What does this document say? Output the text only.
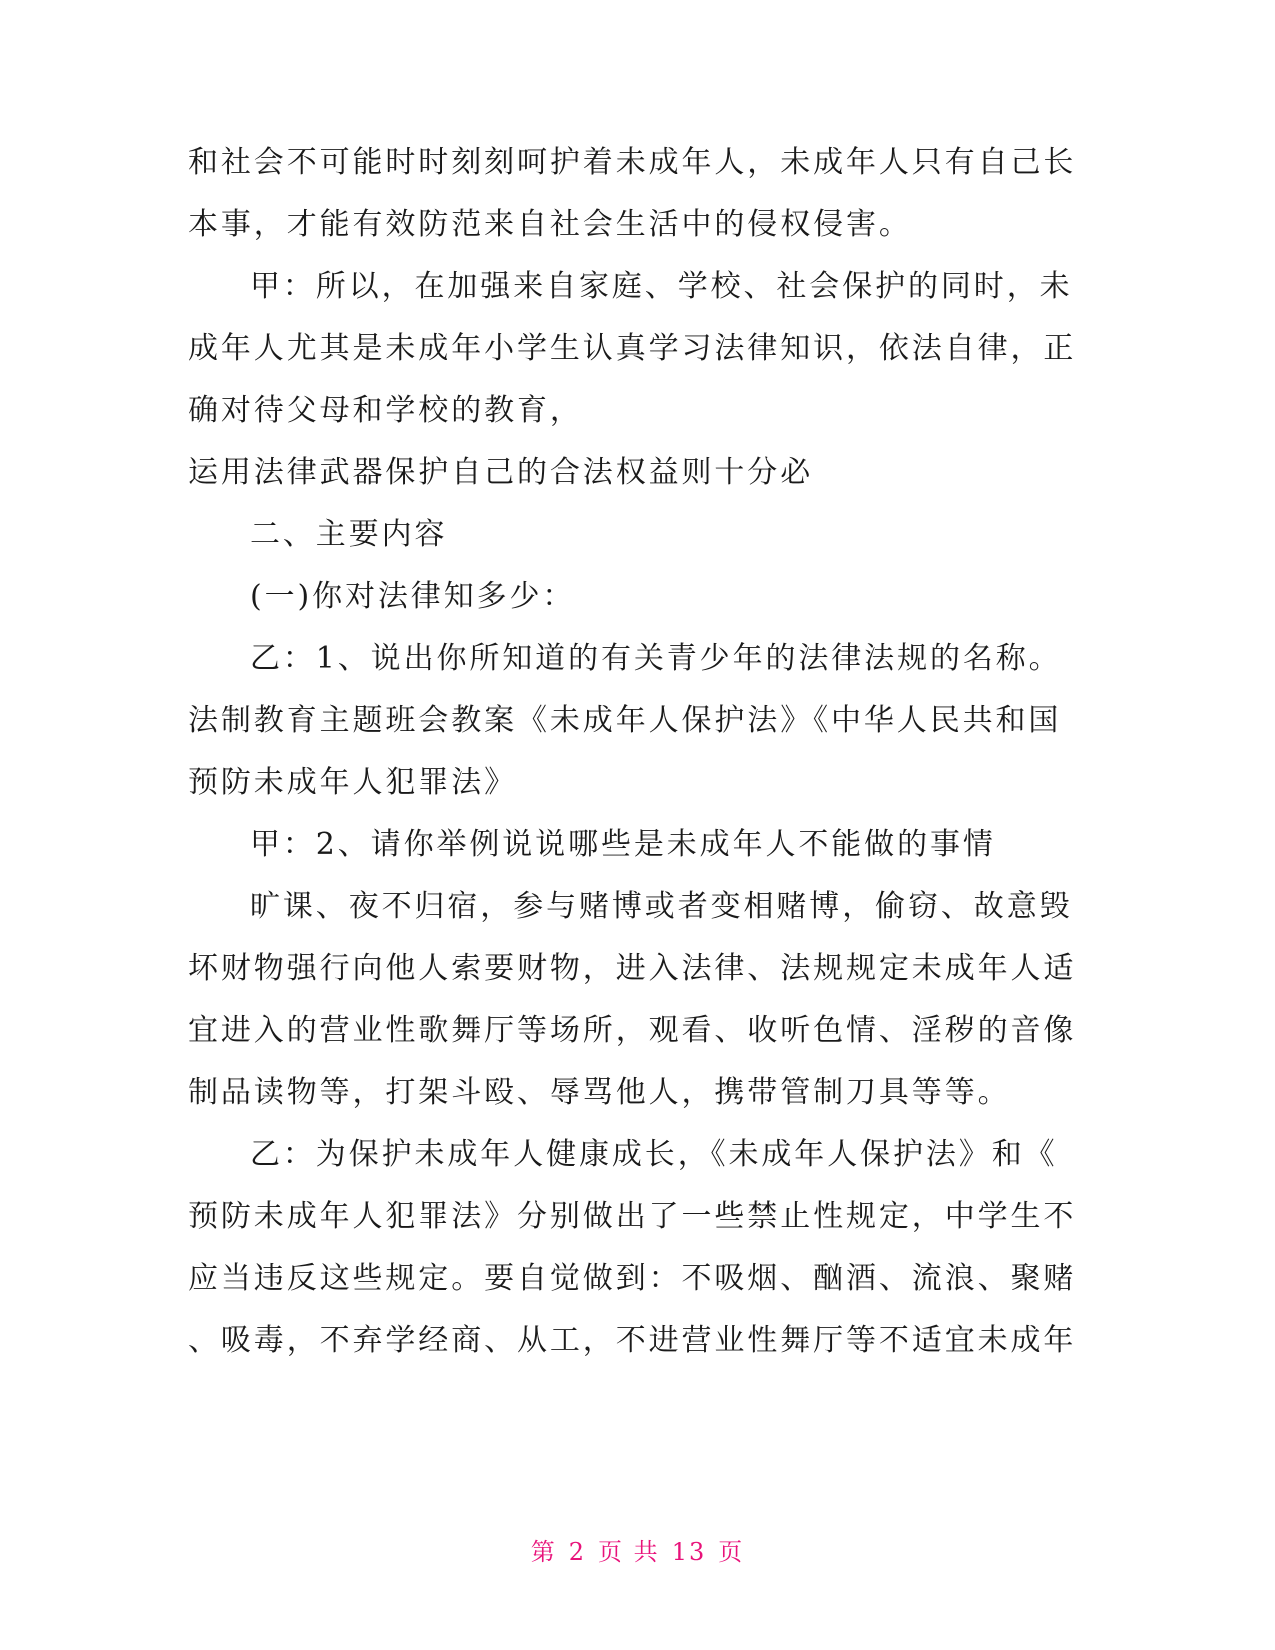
和社会不可能时时刻刻呵护着未成年人，未成年人只有自己长
本事，才能有效防范来自社会生活中的侵权侵害。
甲：所以，在加强来自家庭、学校、社会保护的同时，未
成年人尤其是未成年小学生认真学习法律知识，依法自律，正
确对待父母和学校的教育，
运用法律武器保护自己的合法权益则十分必
二、主要内容
(一)你对法律知多少：
乙：1、说出你所知道的有关青少年的法律法规的名称。
法制教育主题班会教案《未成年人保护法》《中华人民共和国
预防未成年人犯罪法》
甲：2、请你举例说说哪些是未成年人不能做的事情
旷课、夜不归宿，参与赌博或者变相赌博，偷窃、故意毁
坏财物强行向他人索要财物，进入法律、法规规定未成年人适
宜进入的营业性歌舞厅等场所，观看、收听色情、淫秽的音像
制品读物等，打架斗殴、辱骂他人，携带管制刀具等等。
乙：为保护未成年人健康成长，《未成年人保护法》和《
预防未成年人犯罪法》分别做出了一些禁止性规定，中学生不
应当违反这些规定。要自觉做到：不吸烟、酗酒、流浪、聚赌
、吸毒，不弃学经商、从工，不进营业性舞厅等不适宜未成年
第 2 页 共 13 页
